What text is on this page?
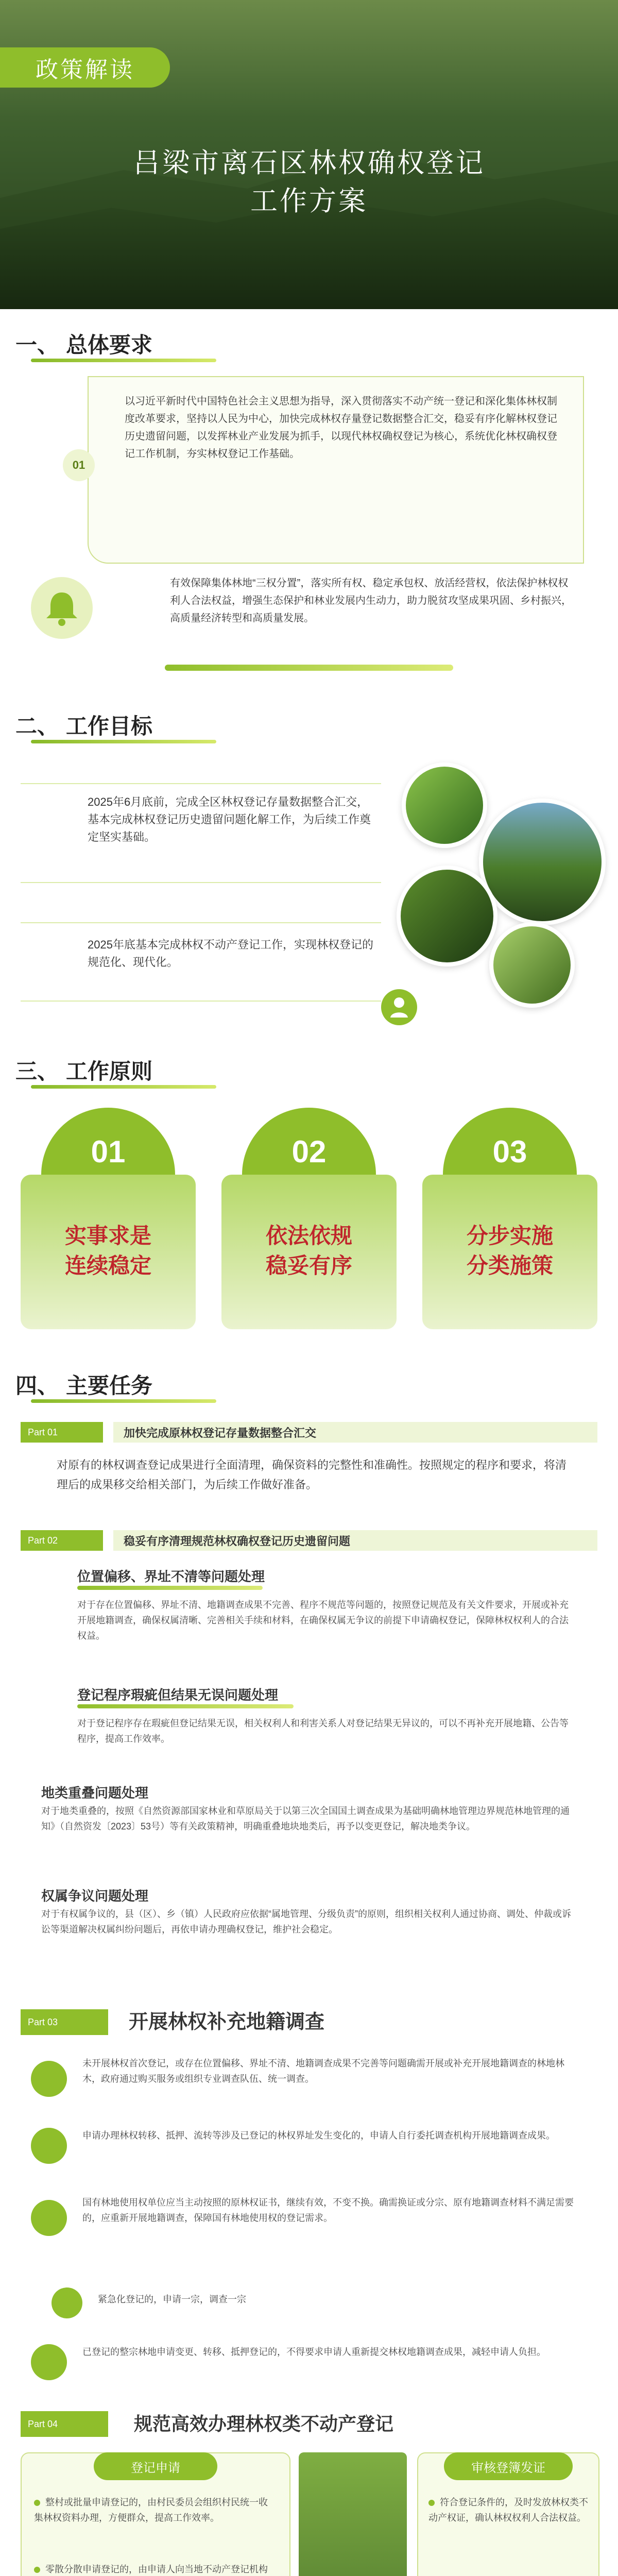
政策解读
吕梁市离石区林权确权登记
工作方案
一、 总体要求
01
以习近平新时代中国特色社会主义思想为指导，深入贯彻落实不动产统一登记和深化集体林权制度改革要求，坚持以人民为中心，加快完成林权存量登记数据整合汇交，稳妥有序化解林权登记历史遗留问题，以发挥林业产业发展为抓手，以现代林权确权登记为核心，系统优化林权确权登记工作机制，夯实林权登记工作基础。
有效保障集体林地“三权分置”，落实所有权、稳定承包权、放活经营权，依法保护林权权利人合法权益，增强生态保护和林业发展内生动力，助力脱贫攻坚成果巩固、乡村振兴，高质量经济转型和高质量发展。
二、 工作目标
2025年6月底前，完成全区林权登记存量数据整合汇交，基本完成林权登记历史遗留问题化解工作，为后续工作奠定坚实基础。
2025年底基本完成林权不动产登记工作，实现林权登记的规范化、现代化。
三、 工作原则
01
实事求是
连续稳定
02
依法依规
稳妥有序
03
分步实施
分类施策
四、 主要任务
Part 01	加快完成原林权登记存量数据整合汇交
对原有的林权调查登记成果进行全面清理，确保资料的完整性和准确性。按照规定的程序和要求，将清理后的成果移交给相关部门，为后续工作做好准备。
Part 02	稳妥有序清理规范林权确权登记历史遗留问题
位置偏移、界址不清等问题处理
对于存在位置偏移、界址不清、地籍调查成果不完善、程序不规范等问题的，按照登记规范及有关文件要求，开展或补充开展地籍调查，确保权属清晰、完善相关手续和材料，在确保权属无争议的前提下申请确权登记，保障林权权利人的合法权益。
登记程序瑕疵但结果无误问题处理
对于登记程序存在瑕疵但登记结果无误，相关权利人和利害关系人对登记结果无异议的，可以不再补充开展地籍、公告等程序，提高工作效率。
地类重叠问题处理
对于地类重叠的，按照《自然资源部国家林业和草原局关于以第三次全国国土调查成果为基础明确林地管理边界规范林地管理的通知》（自然资发〔2023〕53号）等有关政策精神，明确重叠地块地类后，再予以变更登记，解决地类争议。
权属争议问题处理
对于有权属争议的，县（区）、乡（镇）人民政府应依据“属地管理、分级负责”的原则，组织相关权利人通过协商、调处、仲裁或诉讼等渠道解决权属纠纷问题后，再依申请办理确权登记，维护社会稳定。
Part 03	开展林权补充地籍调查
未开展林权首次登记，或存在位置偏移、界址不清、地籍调查成果不完善等问题确需开展或补充开展地籍调查的林地林木，政府通过购买服务或组织专业调查队伍、统一调查。
申请办理林权转移、抵押、流转等涉及已登记的林权界址发生变化的，申请人自行委托调查机构开展地籍调查成果。
国有林地使用权单位应当主动按照的原林权证书，继续有效，不变不换。确需换证或分宗、原有地籍调查材料不满足需要的，应重新开展地籍调查，保障国有林地使用权的登记需求。
紧急化登记的，申请一宗，调查一宗
已登记的整宗林地申请变更、转移、抵押登记的，不得要求申请人重新提交林权地籍调查成果，减轻申请人负担。
Part 04	规范高效办理林权类不动产登记
登记申请
整村或批量申请登记的，由村民委员会组织村民统一收集林权资料办理，方便群众，提高工作效率。
零散分散申请登记的，由申请人向当地不动产登记机构
审核登簿发证
符合登记条件的，及时发放林权类不动产权证，确认林权权利人合法权益。
